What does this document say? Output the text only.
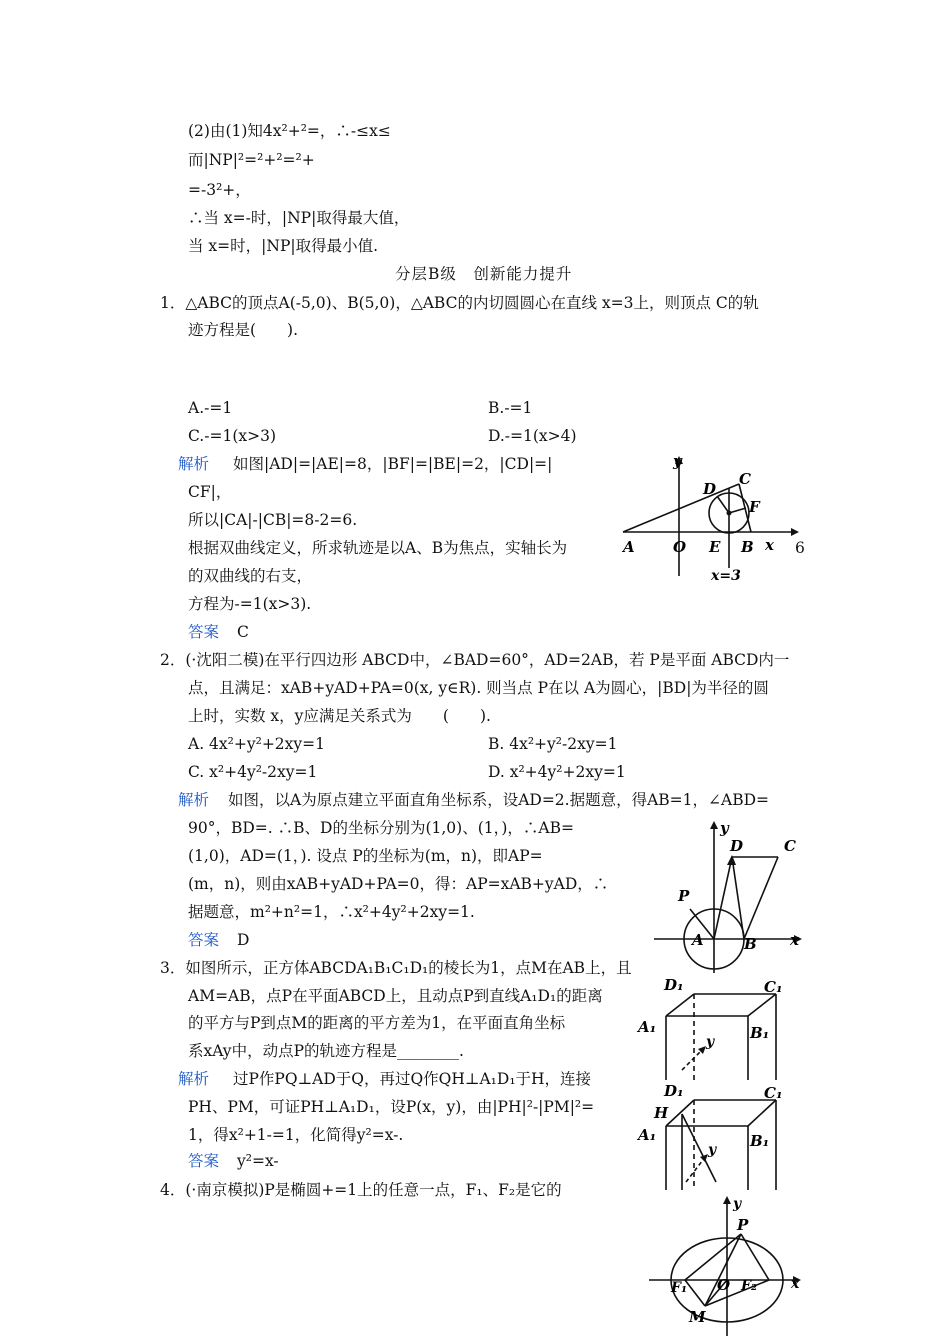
(2)由(1)知4x²+²=，∴-≤x≤
而|NP|²=²+²=²+
=-3²+，
∴当 x=-时，|NP|取得最大值，
当 x=时，|NP|取得最小值.
分层B级　创新能力提升
1．△ABC的顶点A(-5,0)、B(5,0)，△ABC的内切圆圆心在直线 x=3上，则顶点 C的轨
迹方程是(　　).
A.-=1	B.-=1
C.-=1(x>3)	D.-=1(x>4)
解析 如图|AD|=|AE|=8，|BF|=|BE|=2，|CD|=|
CF|，
所以|CA|-|CB|=8-2=6.
根据双曲线定义，所求轨迹是以A、B为焦点，实轴长为
的双曲线的右支，
方程为-=1(x>3).
6
答案 C
y
C
D
F
A	O E B x
x=3
2．(·沈阳二模)在平行四边形 ABCD中，∠BAD=60°，AD=2AB，若 P是平面 ABCD内一
点，且满足：xAB+yAD+PA=0(x, y∈R). 则当点 P在以 A为圆心，|BD|为半径的圆
上时，实数 x，y应满足关系式为　　(　　).
A. 4x²+y²+2xy=1	B. 4x²+y²-2xy=1
C. x²+4y²-2xy=1	D. x²+4y²+2xy=1
解析 如图，以A为原点建立平面直角坐标系，设AD=2.据题意，得AB=1，∠ABD=
90°，BD=. ∴B、D的坐标分别为(1,0)、(1，)，∴AB=
(1,0)，AD=(1，). 设点 P的坐标为(m，n)，即AP=
(m，n)，则由xAB+yAD+PA=0，得：AP=xAB+yAD，∴
据题意，m²+n²=1，∴x²+4y²+2xy=1.
答案 D
y
D	C
P
A	B x
3．如图所示，正方体ABCDA₁B₁C₁D₁的棱长为1，点M在AB上，且
AM=AB，点P在平面ABCD上，且动点P到直线A₁D₁的距离
的平方与P到点M的距离的平方差为1，在平面直角坐标
系xAy中，动点P的轨迹方程是________.
解析 过P作PQ⊥AD于Q，再过Q作QH⊥A₁D₁于H，连接
PH、PM，可证PH⊥A₁D₁，设P(x，y)，由|PH|²-|PM|²=
1，得x²+1-=1，化简得y²=x-.
答案 y²=x-
4．(·南京模拟)P是椭圆+=1上的任意一点，F₁、F₂是它的
D₁	C₁
A₁	B₁
y
D₁	C₁
H
A₁	B₁
y
y
P
F₁ O F₂ x
M
